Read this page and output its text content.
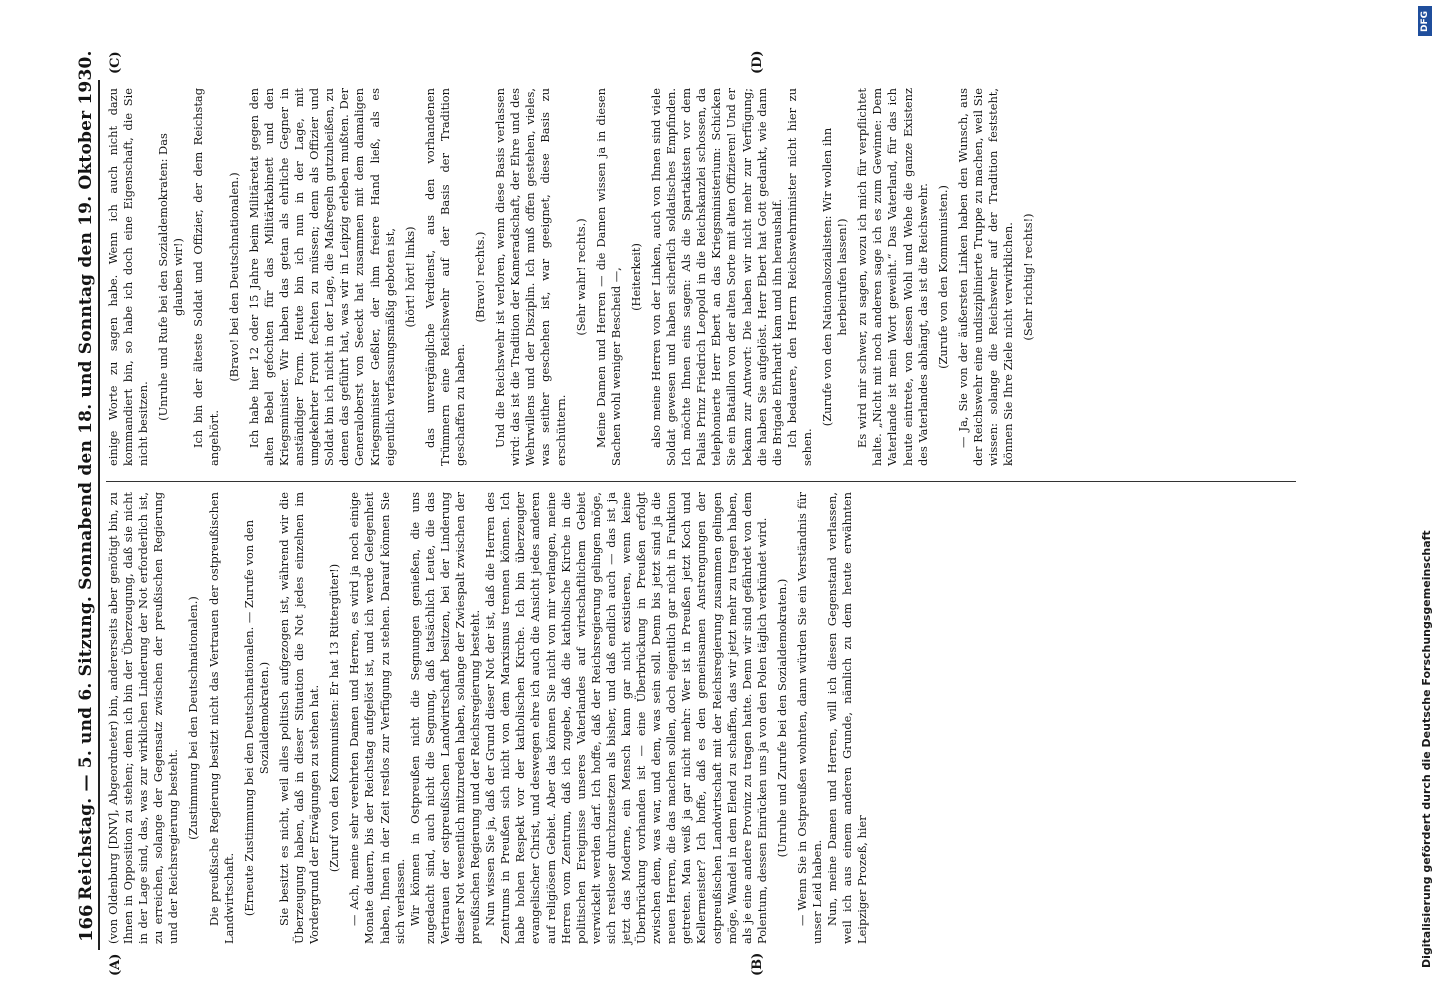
166
Reichstag. — 5. und 6. Sitzung. Sonnabend den 18. und Sonntag den 19. Oktober 1930.
(A)	(B)
(C)	(D)
(von Oldenburg [DNV], Abgeordneter) bin, andererseits aber genötigt bin, zu Ihnen in Opposition zu stehen; denn ich bin der Überzeugung, daß sie nicht in der Lage sind, das, was zur wirklichen Linderung der Not erforderlich ist, zu erreichen, solange der Gegensatz zwischen der preußischen Regierung und der Reichsregierung besteht.
(Zustimmung bei den Deutschnationalen.) Die preußische Regierung besitzt nicht das Vertrauen der ostpreußischen Landwirtschaft. (Erneute Zustimmung bei den Deutschnationalen. — Zurufe von den Sozialdemokraten.) Sie besitzt es nicht, weil alles politisch aufgezogen ist, während wir die Überzeugung haben, daß in dieser Situation die Not jedes einzelnen im Vordergrund der Erwägungen zu stehen hat. (Zuruf von den Kommunisten: Er hat 13 Rittergüter!) — Ach, meine sehr verehrten Damen und Herren, es wird ja noch einige Monate dauern, bis der Reichstag aufgelöst ist, und ich werde Gelegenheit haben, Ihnen in der Zeit restlos zur Verfügung zu stehen. Darauf können Sie sich verlassen. Wir können in Ostpreußen nicht die Segnungen genießen, die uns zugedacht sind, auch nicht die Segnung, daß tatsächlich Leute, die das Vertrauen der ostpreußischen Landwirtschaft besitzen, bei der Linderung dieser Not wesentlich mitzureden haben, solange der Zwiespalt zwischen der preußischen Regierung und der Reichsregierung besteht. Nun wissen Sie ja, daß der Grund dieser Not der ist, daß die Herren des Zentrums in Preußen sich nicht von dem Marxismus trennen können. Ich habe hohen Respekt vor der katholischen Kirche. Ich bin überzeugter evangelischer Christ, und deswegen ehre ich auch die Ansicht jedes anderen auf religiösem Gebiet. Aber das können Sie nicht von mir verlangen, meine Herren vom Zentrum, daß ich zugebe, daß die katholische Kirche in die politischen Ereignisse unseres Vaterlandes auf wirtschaftlichem Gebiet verwickelt werden darf. Ich hoffe, daß der Reichsregierung gelingen möge, sich restloser durchzusetzen als bisher, und daß endlich auch — das ist ja jetzt das Moderne, ein Mensch kann gar nicht existieren, wenn keine Überbrückung vorhanden ist — eine Überbrückung in Preußen erfolgt zwischen dem, was war, und dem, was sein soll. Denn bis jetzt sind ja die neuen Herren, die das machen sollen, doch eigentlich gar nicht in Funktion getreten. Man weiß ja gar nicht mehr: Wer ist in Preußen jetzt Koch und Kellermeister? Ich hoffe, daß es den gemeinsamen Anstrengungen der ostpreußischen Landwirtschaft mit der Reichsregierung zusammen gelingen möge, Wandel in dem Elend zu schaffen, das wir jetzt mehr zu tragen haben, als je eine andere Provinz zu tragen hatte. Denn wir sind gefährdet von dem Polentum, dessen Einrücken uns ja von den Polen täglich verkündet wird. (Unruhe und Zurufe bei den Sozialdemokraten.) — Wenn Sie in Ostpreußen wohnten, dann würden Sie ein Verständnis für unser Leid haben. Nun, meine Damen und Herren, will ich diesen Gegenstand verlassen, weil ich aus einem anderen Grunde, nämlich zu dem heute erwähnten Leipziger Prozeß, hier
einige Worte zu sagen habe. Wenn ich auch nicht dazu kommandiert bin, so habe ich doch eine Eigenschaft, die Sie nicht besitzen.
(Unruhe und Rufe bei den Sozialdemokraten: Das glauben wir!) Ich bin der älteste Soldat und Offizier, der dem Reichstag angehört.
(Bravo! bei den Deutschnationalen.) Ich habe hier 12 oder 15 Jahre beim Militäretat gegen den alten Bebel gefochten für das Militärkabinett und den Kriegsminister. Wir haben das getan als ehrliche Gegner in anständiger Form. Heute bin ich nun in der Lage, mit umgekehrter Front fechten zu müssen; denn als Offizier und Soldat bin ich nicht in der Lage, die Maßregeln gutzuheißen, zu denen das geführt hat, was wir in Leipzig erleben mußten. Der Generaloberst von Seeckt hat zusammen mit dem damaligen Kriegsminister Geßler, der ihm freiere Hand ließ, als es eigentlich verfassungsmäßig geboten ist, (hört! hört! links) das unvergängliche Verdienst, aus den vorhandenen Trümmern eine Reichswehr auf der Basis der Tradition geschaffen zu haben.
(Bravo! rechts.) Und die Reichswehr ist verloren, wenn diese Basis verlassen wird: das ist die Tradition der Kameradschaft, der Ehre und des Wehrwillens und der Disziplin. Ich muß offen gestehen, vieles, was seither geschehen ist, war geeignet, diese Basis zu erschüttern.
(Sehr wahr! rechts.) Meine Damen und Herren — die Damen wissen ja in diesen Sachen wohl weniger Bescheid —, (Heiterkeit) also meine Herren von der Linken, auch von Ihnen sind viele Soldat gewesen und haben sicherlich soldatisches Empfinden. Ich möchte Ihnen eins sagen: Als die Spartakisten vor dem Palais Prinz Friedrich Leopold in die Reichskanzlei schossen, da telephonierte Herr Ebert an das Kriegsministerium: Schicken Sie ein Bataillon von der alten Sorte mit alten Offizieren! Und er bekam zur Antwort: Die haben wir nicht mehr zur Verfügung; die haben Sie aufgelöst. Herr Ebert hat Gott gedankt, wie dann die Brigade Ehrhardt kam und ihn heraushalf. Ich bedauere, den Herrn Reichswehrminister nicht hier zu sehen.
(Zurufe von den Nationalsozialisten: Wir wollen ihn herbeirufen lassen!) Es wird mir schwer, zu sagen, wozu ich mich für verpflichtet halte. „Nicht mit noch anderen sage ich es zum Gewinne: Dem Vaterlande ist mein Wort geweiht.“ Das Vaterland, für das ich heute eintrete, von dessen Wohl und Wehe die ganze Existenz des Vaterlandes abhängt, das ist die Reichswehr. (Zurufe von den Kommunisten.) — Ja, Sie von der äußersten Linken haben den Wunsch, aus der Reichswehr eine undisziplinierte Truppe zu machen, weil Sie wissen: solange die Reichswehr auf der Tradition feststeht, können Sie Ihre Ziele nicht verwirklichen. (Sehr richtig! rechts!)
Digitalisierung gefördert durch die Deutsche Forschungsgemeinschaft
DFG
